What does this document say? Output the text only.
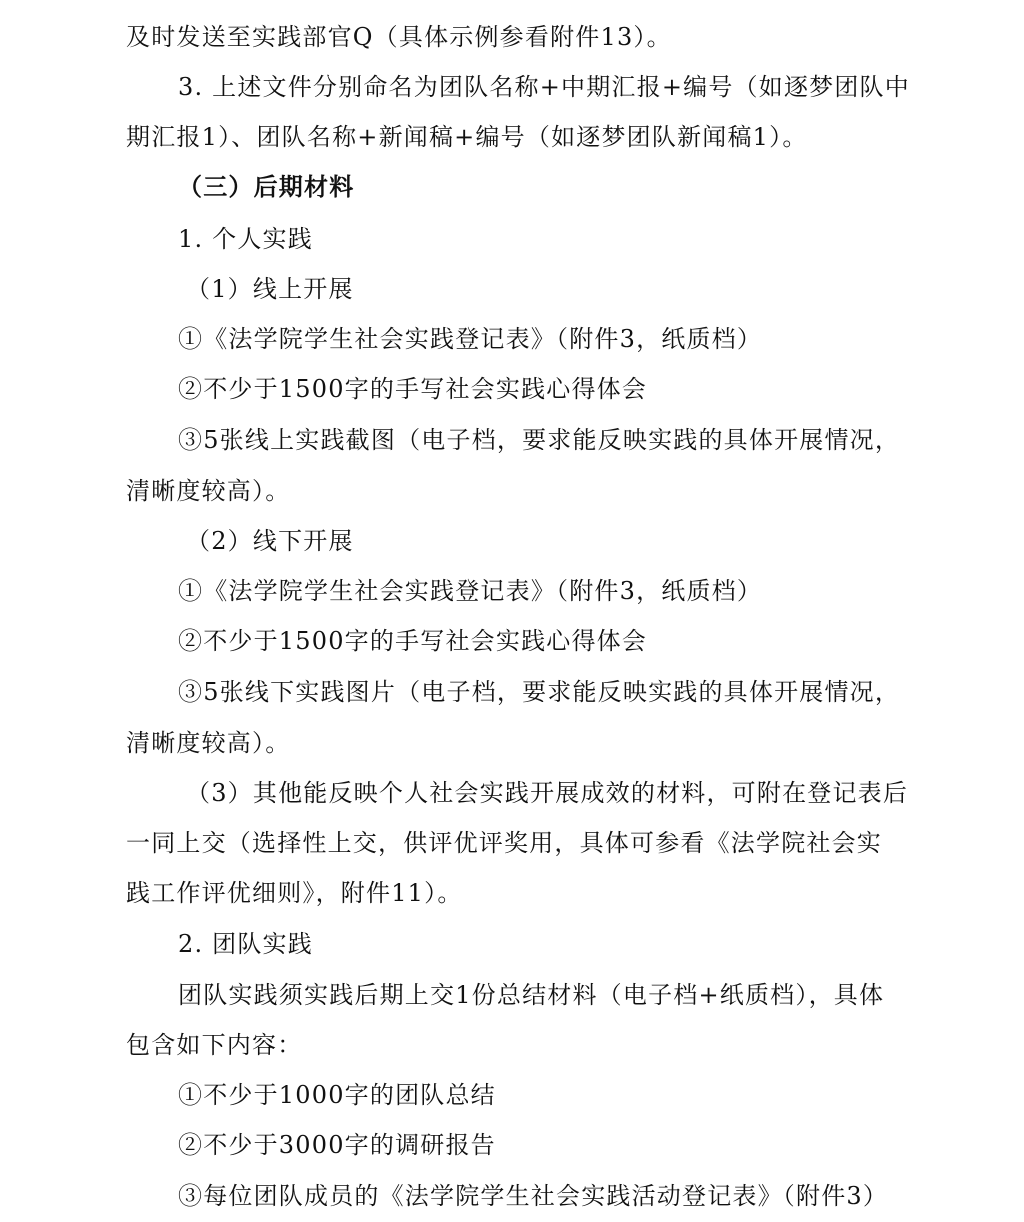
及时发送至实践部官Q（具体示例参看附件13）。
3. 上述文件分别命名为团队名称+中期汇报+编号（如逐梦团队中
期汇报1）、团队名称+新闻稿+编号（如逐梦团队新闻稿1）。
（三）后期材料
1. 个人实践
（1）线上开展
①《法学院学生社会实践登记表》（附件3，纸质档）
②不少于1500字的手写社会实践心得体会
③5张线上实践截图（电子档，要求能反映实践的具体开展情况，
清晰度较高）。
（2）线下开展
①《法学院学生社会实践登记表》（附件3，纸质档）
②不少于1500字的手写社会实践心得体会
③5张线下实践图片（电子档，要求能反映实践的具体开展情况，
清晰度较高）。
（3）其他能反映个人社会实践开展成效的材料，可附在登记表后
一同上交（选择性上交，供评优评奖用，具体可参看《法学院社会实
践工作评优细则》，附件11）。
2. 团队实践
团队实践须实践后期上交1份总结材料（电子档+纸质档），具体
包含如下内容：
①不少于1000字的团队总结
②不少于3000字的调研报告
③每位团队成员的《法学院学生社会实践活动登记表》（附件3）
